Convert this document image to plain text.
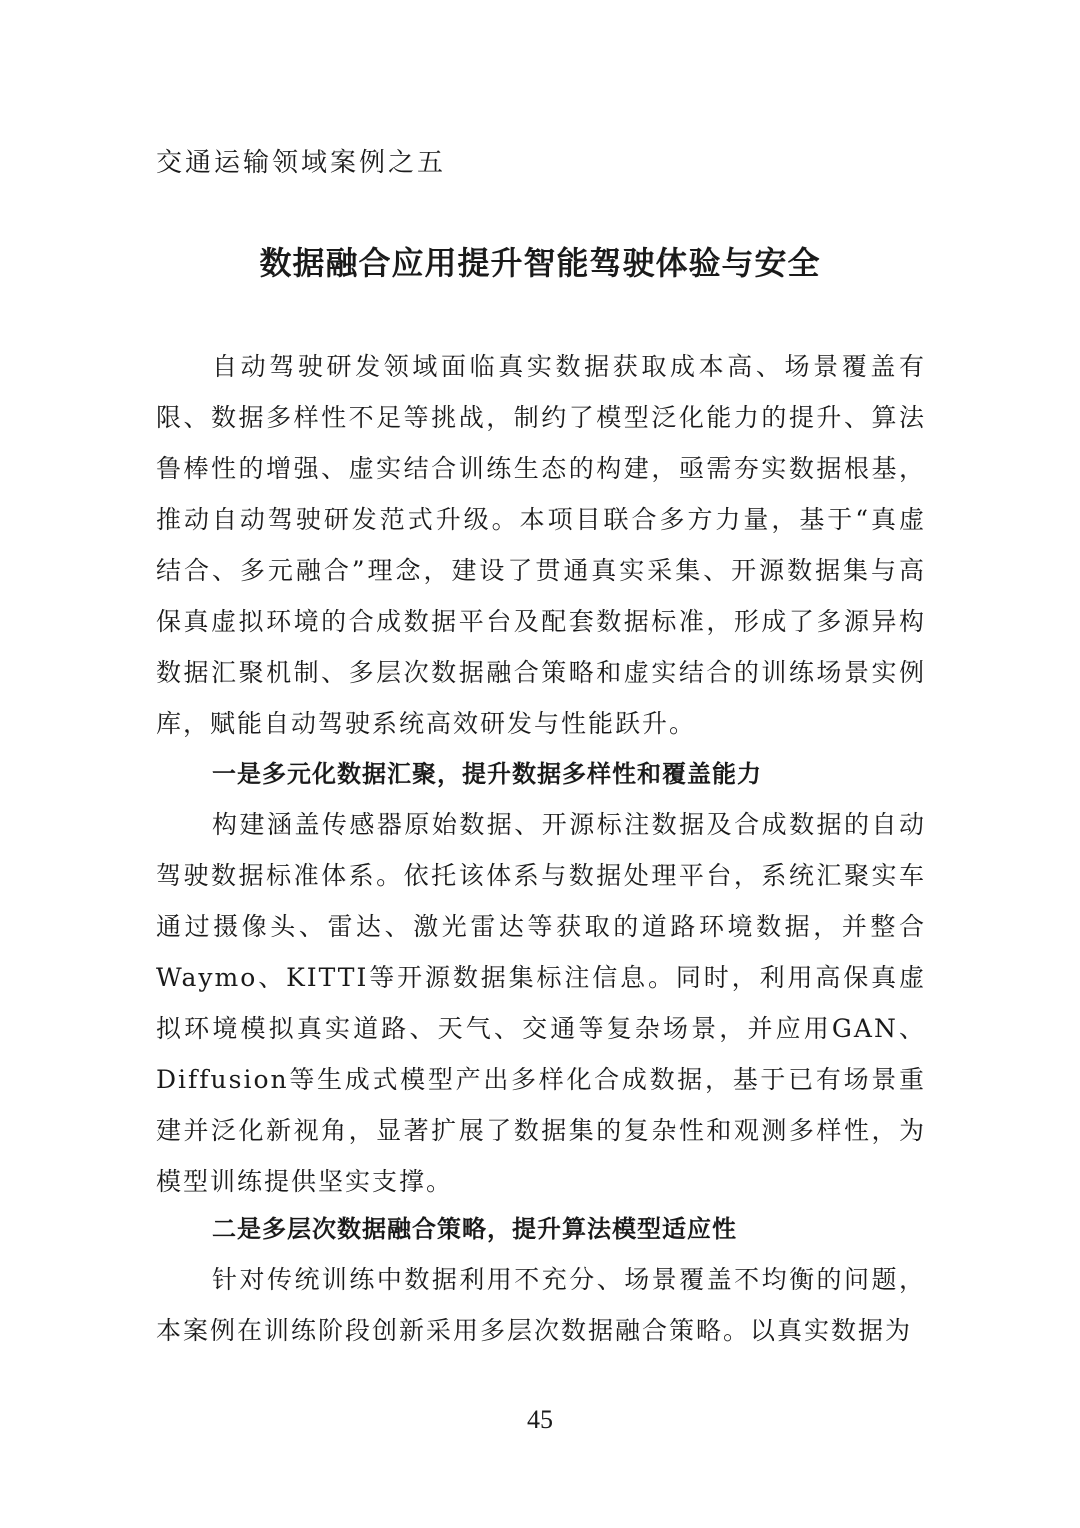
交通运输领域案例之五
数据融合应用提升智能驾驶体验与安全

自动驾驶研发领域面临真实数据获取成本高、场景覆盖有限、数据多样性不足等挑战，制约了模型泛化能力的提升、算法鲁棒性的增强、虚实结合训练生态的构建，亟需夯实数据根基，推动自动驾驶研发范式升级。本项目联合多方力量，基于“真虚结合、多元融合”理念，建设了贯通真实采集、开源数据集与高保真虚拟环境的合成数据平台及配套数据标准，形成了多源异构数据汇聚机制、多层次数据融合策略和虚实结合的训练场景实例库，赋能自动驾驶系统高效研发与性能跃升。

一是多元化数据汇聚，提升数据多样性和覆盖能力

构建涵盖传感器原始数据、开源标注数据及合成数据的自动驾驶数据标准体系。依托该体系与数据处理平台，系统汇聚实车通过摄像头、雷达、激光雷达等获取的道路环境数据，并整合Waymo、KITTI等开源数据集标注信息。同时，利用高保真虚拟环境模拟真实道路、天气、交通等复杂场景，并应用GAN、Diffusion等生成式模型产出多样化合成数据，基于已有场景重建并泛化新视角，显著扩展了数据集的复杂性和观测多样性，为模型训练提供坚实支撑。

二是多层次数据融合策略，提升算法模型适应性

针对传统训练中数据利用不充分、场景覆盖不均衡的问题，本案例在训练阶段创新采用多层次数据融合策略。以真实数据为

45
